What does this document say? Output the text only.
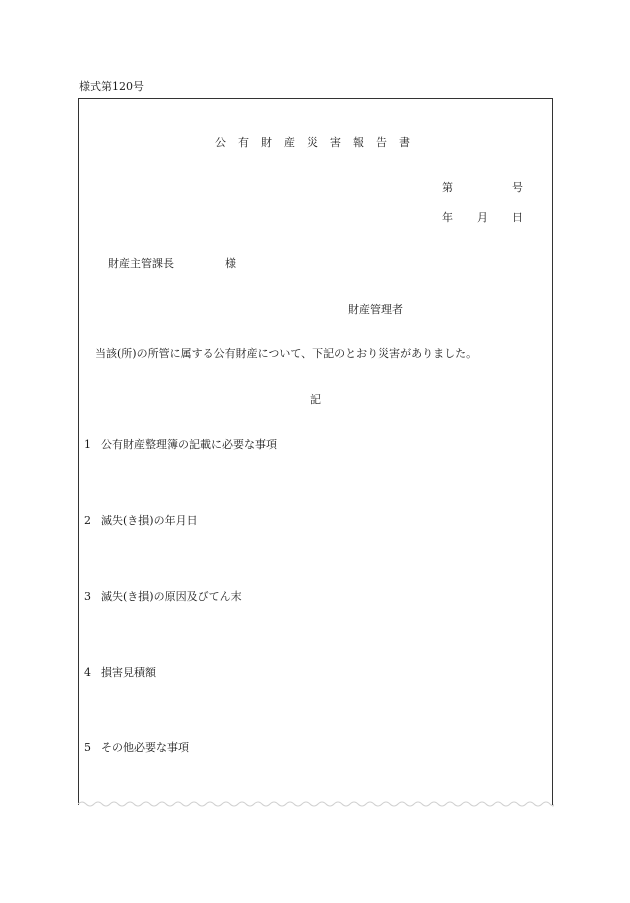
様式第120号
公 有 財 産 災 害 報 告 書
第	号
年 月 日
財産主管課長	様
財産管理者
当該(所)の所管に属する公有財産について、下記のとおり災害がありました。
記
1 公有財産整理簿の記載に必要な事項
2 滅失(き損)の年月日
3 滅失(き損)の原因及びてん末
4 損害見積額
5 その他必要な事項
